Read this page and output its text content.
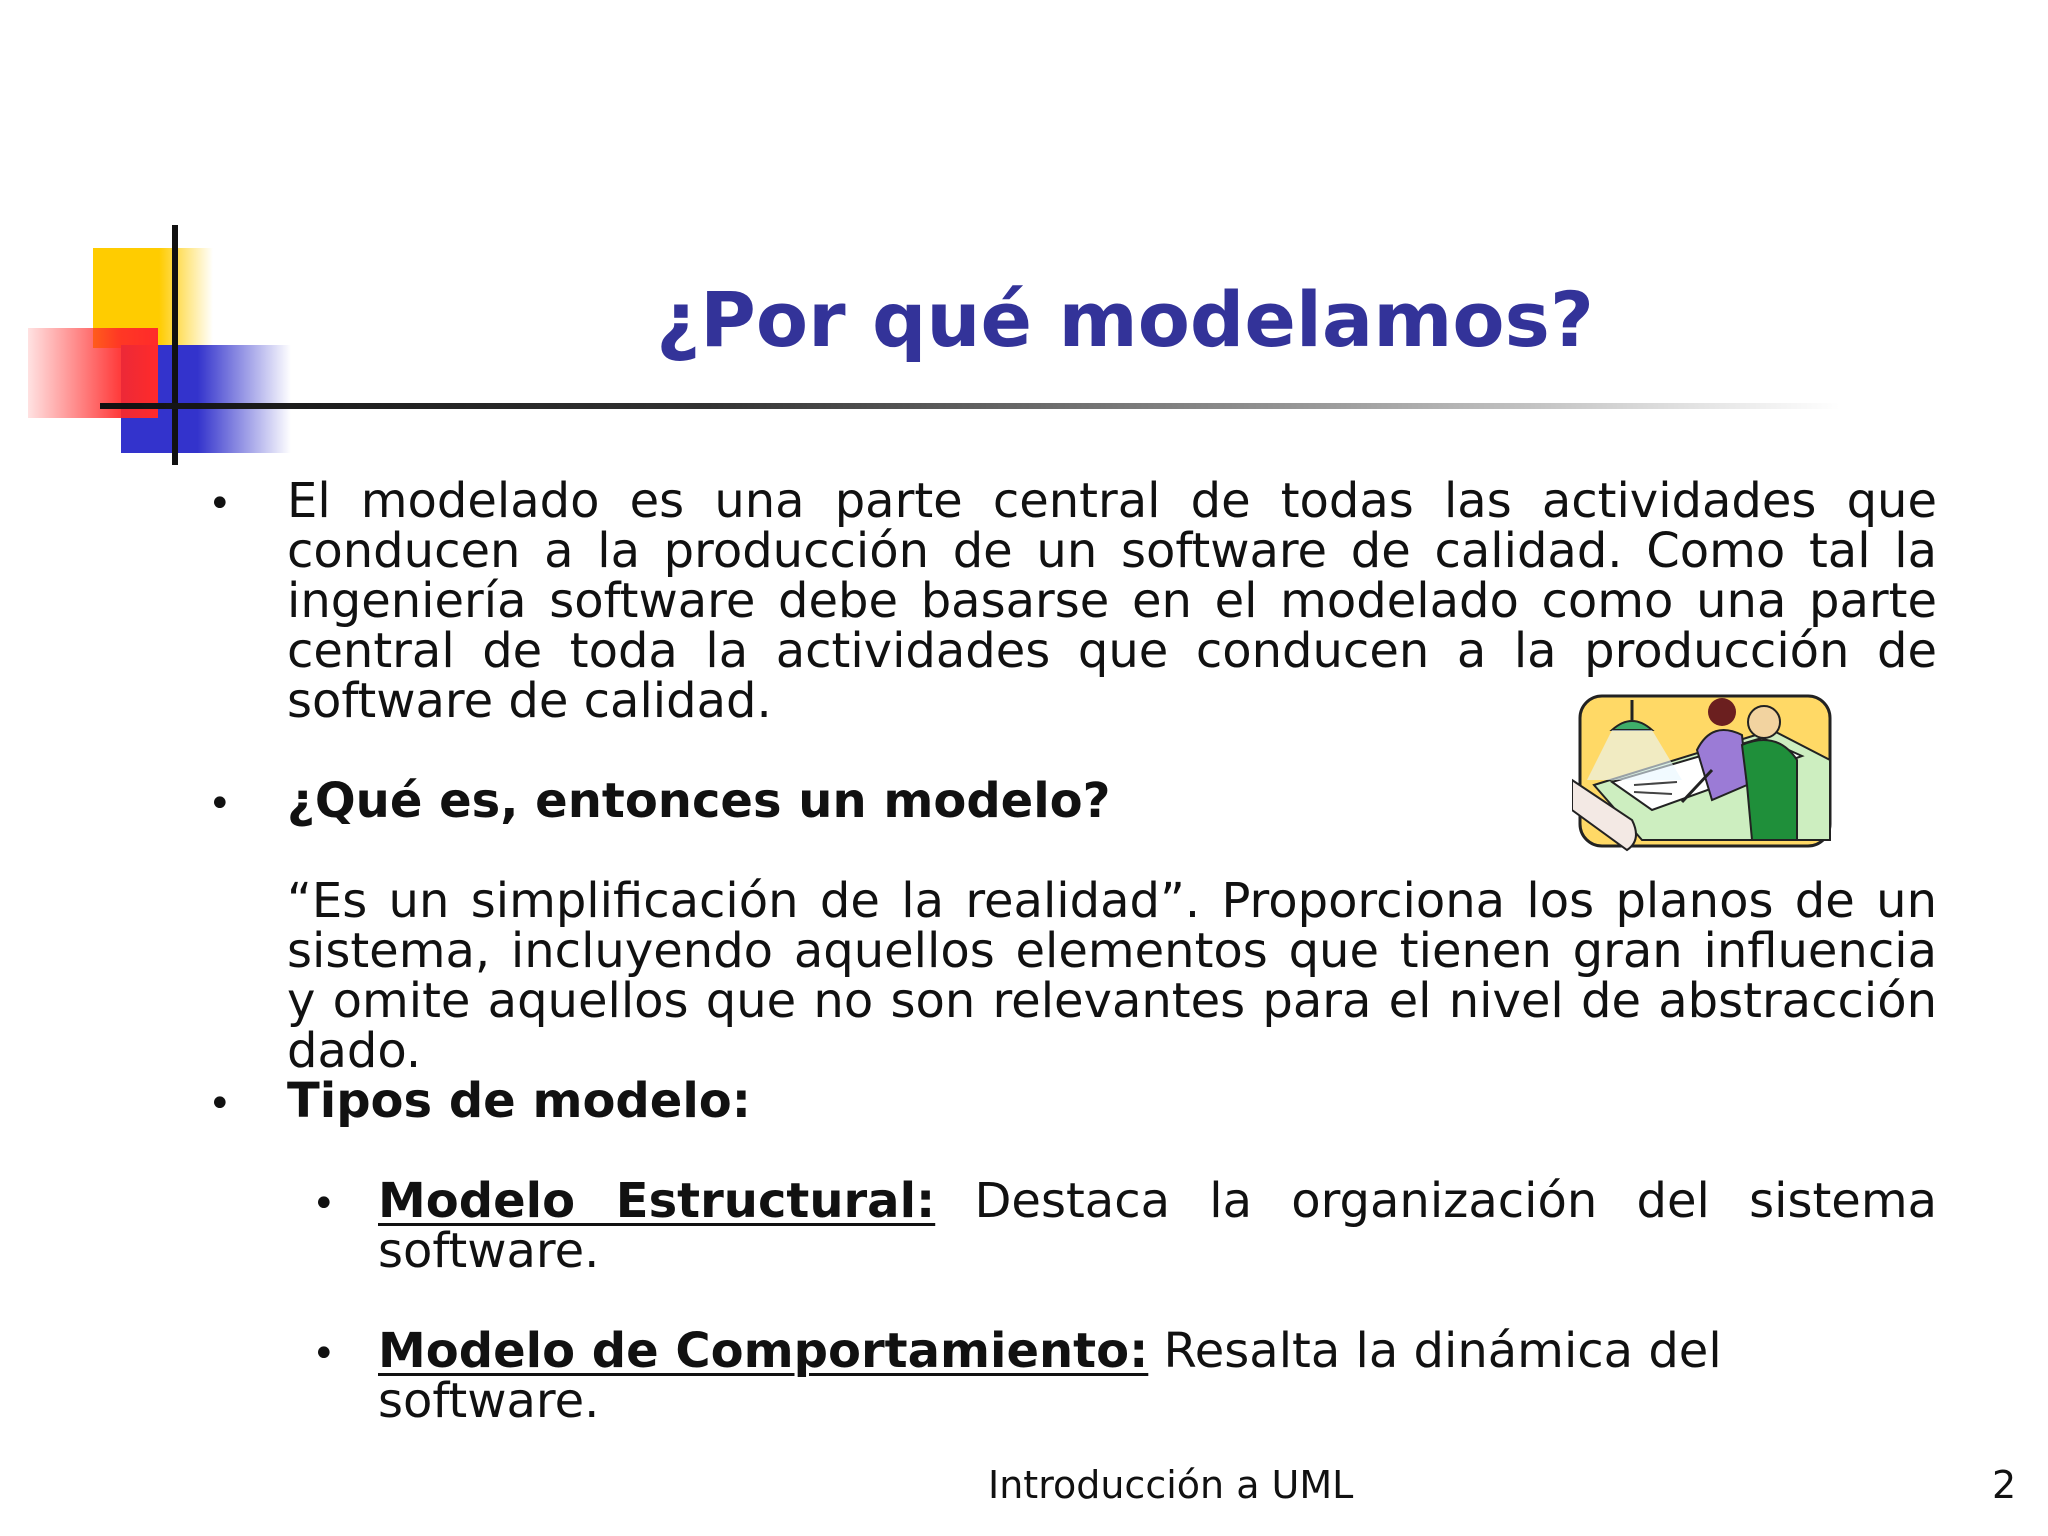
¿Por qué modelamos?
• El modelado es una parte central de todas las actividades que conducen a la producción de un software de calidad. Como tal la ingeniería software debe basarse en el modelado como una parte central de toda la actividades que conducen a la producción de software de calidad.

• ¿Qué es, entonces un modelo?

“Es un simplificación de la realidad”. Proporciona los planos de un sistema, incluyendo aquellos elementos que tienen gran influencia y omite aquellos que no son relevantes para el nivel de abstracción dado.

• Tipos de modelo:

• Modelo Estructural: Destaca la organización del sistema software.

• Modelo de Comportamiento: Resalta la dinámica del software.

Introducción a UML	2
